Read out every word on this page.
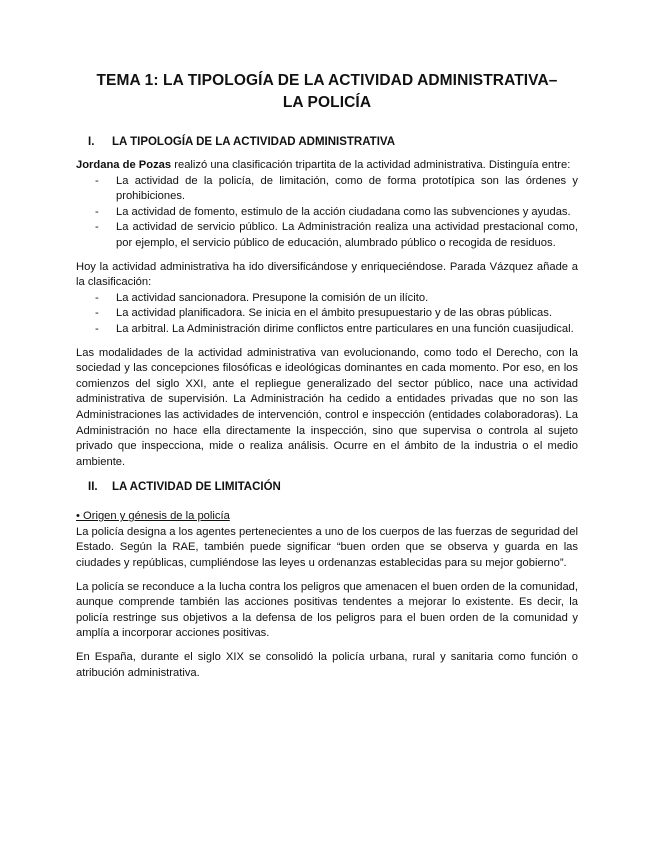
TEMA 1: LA TIPOLOGÍA DE LA ACTIVIDAD ADMINISTRATIVA–
LA POLICÍA
I.	LA TIPOLOGÍA DE LA ACTIVIDAD ADMINISTRATIVA

Jordana de Pozas realizó una clasificación tripartita de la actividad administrativa. Distinguía entre:

- La actividad de la policía, de limitación, como de forma prototípica son las órdenes y prohibiciones.
- La actividad de fomento, estimulo de la acción ciudadana como las subvenciones y ayudas.
- La actividad de servicio público. La Administración realiza una actividad prestacional como, por ejemplo, el servicio público de educación, alumbrado público o recogida de residuos.

Hoy la actividad administrativa ha ido diversificándose y enriqueciéndose. Parada Vázquez añade a la clasificación:

- La actividad sancionadora. Presupone la comisión de un ilícito.
- La actividad planificadora. Se inicia en el ámbito presupuestario y de las obras públicas.
- La arbitral. La Administración dirime conflictos entre particulares en una función cuasijudical.

Las modalidades de la actividad administrativa van evolucionando, como todo el Derecho, con la sociedad y las concepciones filosóficas e ideológicas dominantes en cada momento. Por eso, en los comienzos del siglo XXI, ante el repliegue generalizado del sector público, nace una actividad administrativa de supervisión. La Administración ha cedido a entidades privadas que no son las Administraciones las actividades de intervención, control e inspección (entidades colaboradoras). La Administración no hace ella directamente la inspección, sino que supervisa o controla al sujeto privado que inspecciona, mide o realiza análisis. Ocurre en el ámbito de la industria o el medio ambiente.

II.	LA ACTIVIDAD DE LIMITACIÓN
• Origen y génesis de la policía

La policía designa a los agentes pertenecientes a uno de los cuerpos de las fuerzas de seguridad del Estado. Según la RAE, también puede significar “buen orden que se observa y guarda en las ciudades y repúblicas, cumpliéndose las leyes u ordenanzas establecidas para su mejor gobierno”.

La policía se reconduce a la lucha contra los peligros que amenacen el buen orden de la comunidad, aunque comprende también las acciones positivas tendentes a mejorar lo existente. Es decir, la policía restringe sus objetivos a la defensa de los peligros para el buen orden de la comunidad y amplía a incorporar acciones positivas.

En España, durante el siglo XIX se consolidó la policía urbana, rural y sanitaria como función o atribución administrativa.
